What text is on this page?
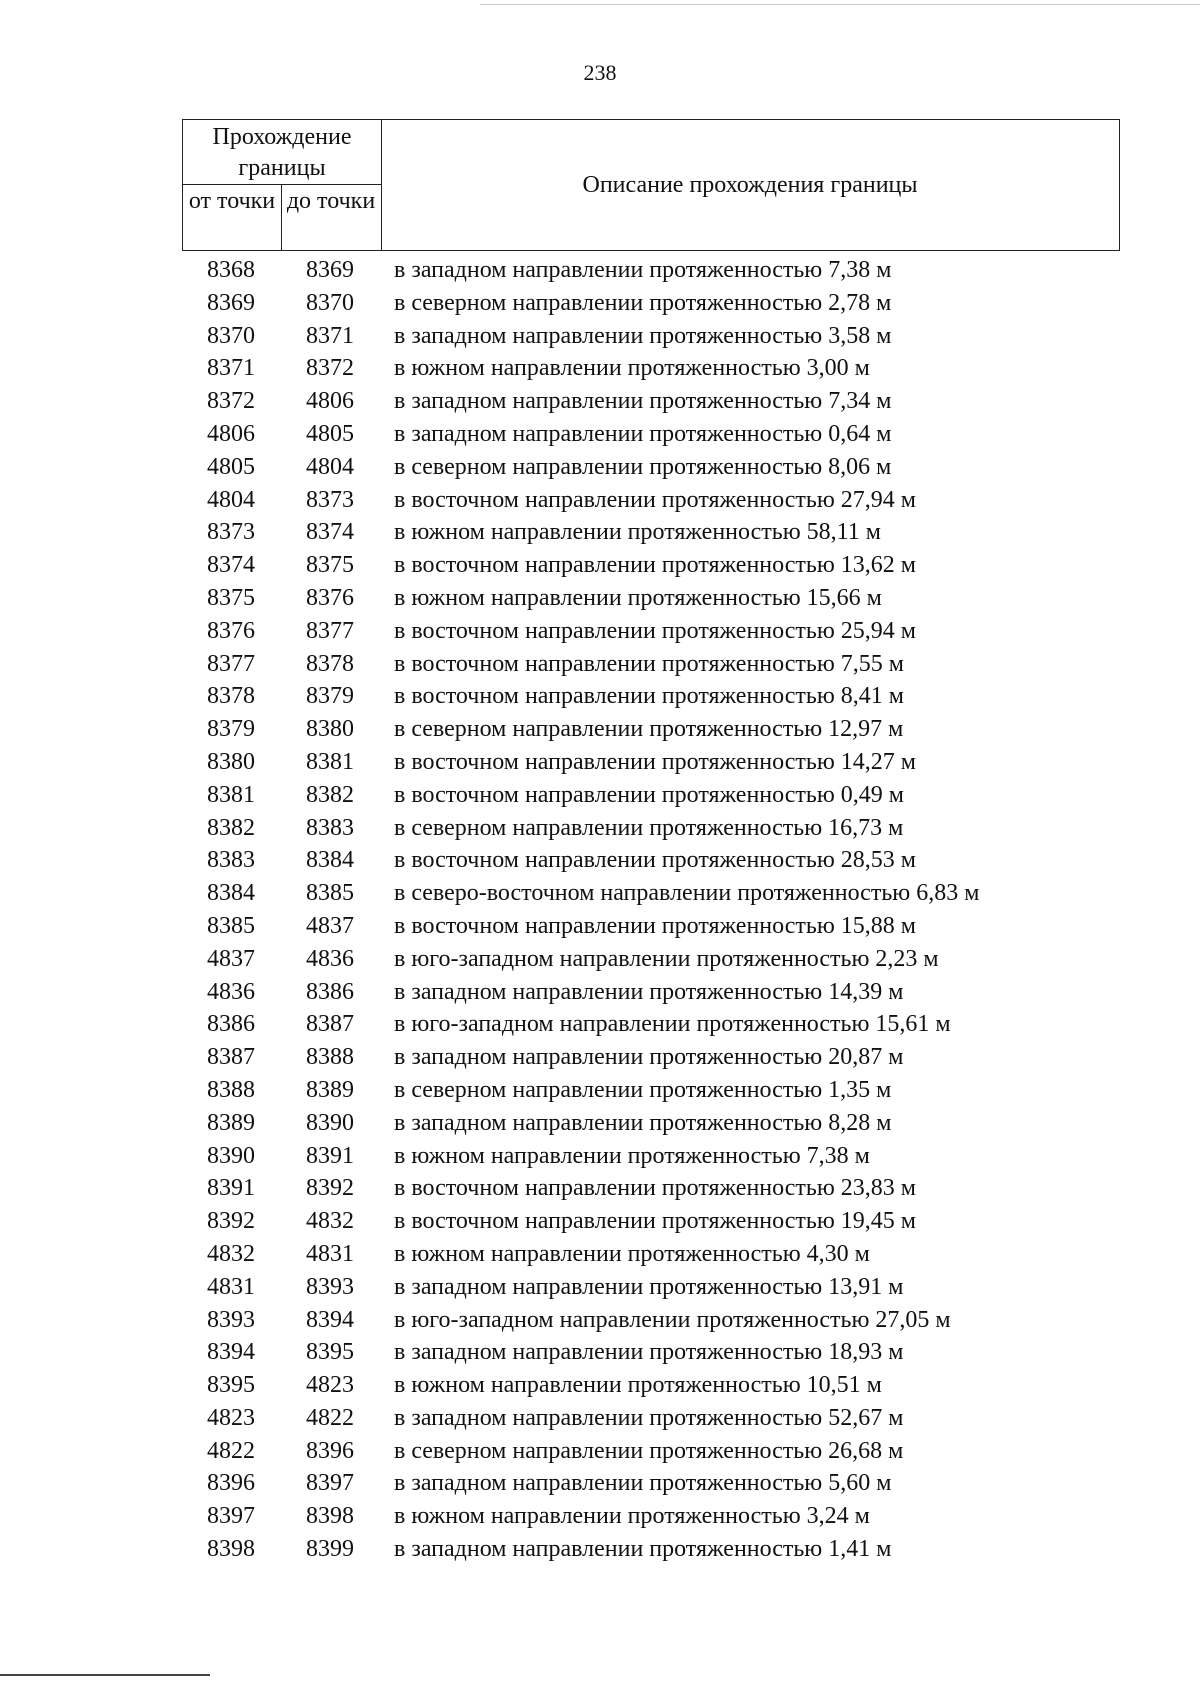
238
Прохождение границы
от точки до точки
Описание прохождения границы
8368	8369	в западном направлении протяженностью 7,38 м
8369	8370	в северном направлении протяженностью 2,78 м
8370	8371	в западном направлении протяженностью 3,58 м
8371	8372	в южном направлении протяженностью 3,00 м
8372	4806	в западном направлении протяженностью 7,34 м
4806	4805	в западном направлении протяженностью 0,64 м
4805	4804	в северном направлении протяженностью 8,06 м
4804	8373	в восточном направлении протяженностью 27,94 м
8373	8374	в южном направлении протяженностью 58,11 м
8374	8375	в восточном направлении протяженностью 13,62 м
8375	8376	в южном направлении протяженностью 15,66 м
8376	8377	в восточном направлении протяженностью 25,94 м
8377	8378	в восточном направлении протяженностью 7,55 м
8378	8379	в восточном направлении протяженностью 8,41 м
8379	8380	в северном направлении протяженностью 12,97 м
8380	8381	в восточном направлении протяженностью 14,27 м
8381	8382	в восточном направлении протяженностью 0,49 м
8382	8383	в северном направлении протяженностью 16,73 м
8383	8384	в восточном направлении протяженностью 28,53 м
8384	8385	в северо-восточном направлении протяженностью 6,83 м
8385	4837	в восточном направлении протяженностью 15,88 м
4837	4836	в юго-западном направлении протяженностью 2,23 м
4836	8386	в западном направлении протяженностью 14,39 м
8386	8387	в юго-западном направлении протяженностью 15,61 м
8387	8388	в западном направлении протяженностью 20,87 м
8388	8389	в северном направлении протяженностью 1,35 м
8389	8390	в западном направлении протяженностью 8,28 м
8390	8391	в южном направлении протяженностью 7,38 м
8391	8392	в восточном направлении протяженностью 23,83 м
8392	4832	в восточном направлении протяженностью 19,45 м
4832	4831	в южном направлении протяженностью 4,30 м
4831	8393	в западном направлении протяженностью 13,91 м
8393	8394	в юго-западном направлении протяженностью 27,05 м
8394	8395	в западном направлении протяженностью 18,93 м
8395	4823	в южном направлении протяженностью 10,51 м
4823	4822	в западном направлении протяженностью 52,67 м
4822	8396	в северном направлении протяженностью 26,68 м
8396	8397	в западном направлении протяженностью 5,60 м
8397	8398	в южном направлении протяженностью 3,24 м
8398	8399	в западном направлении протяженностью 1,41 м
